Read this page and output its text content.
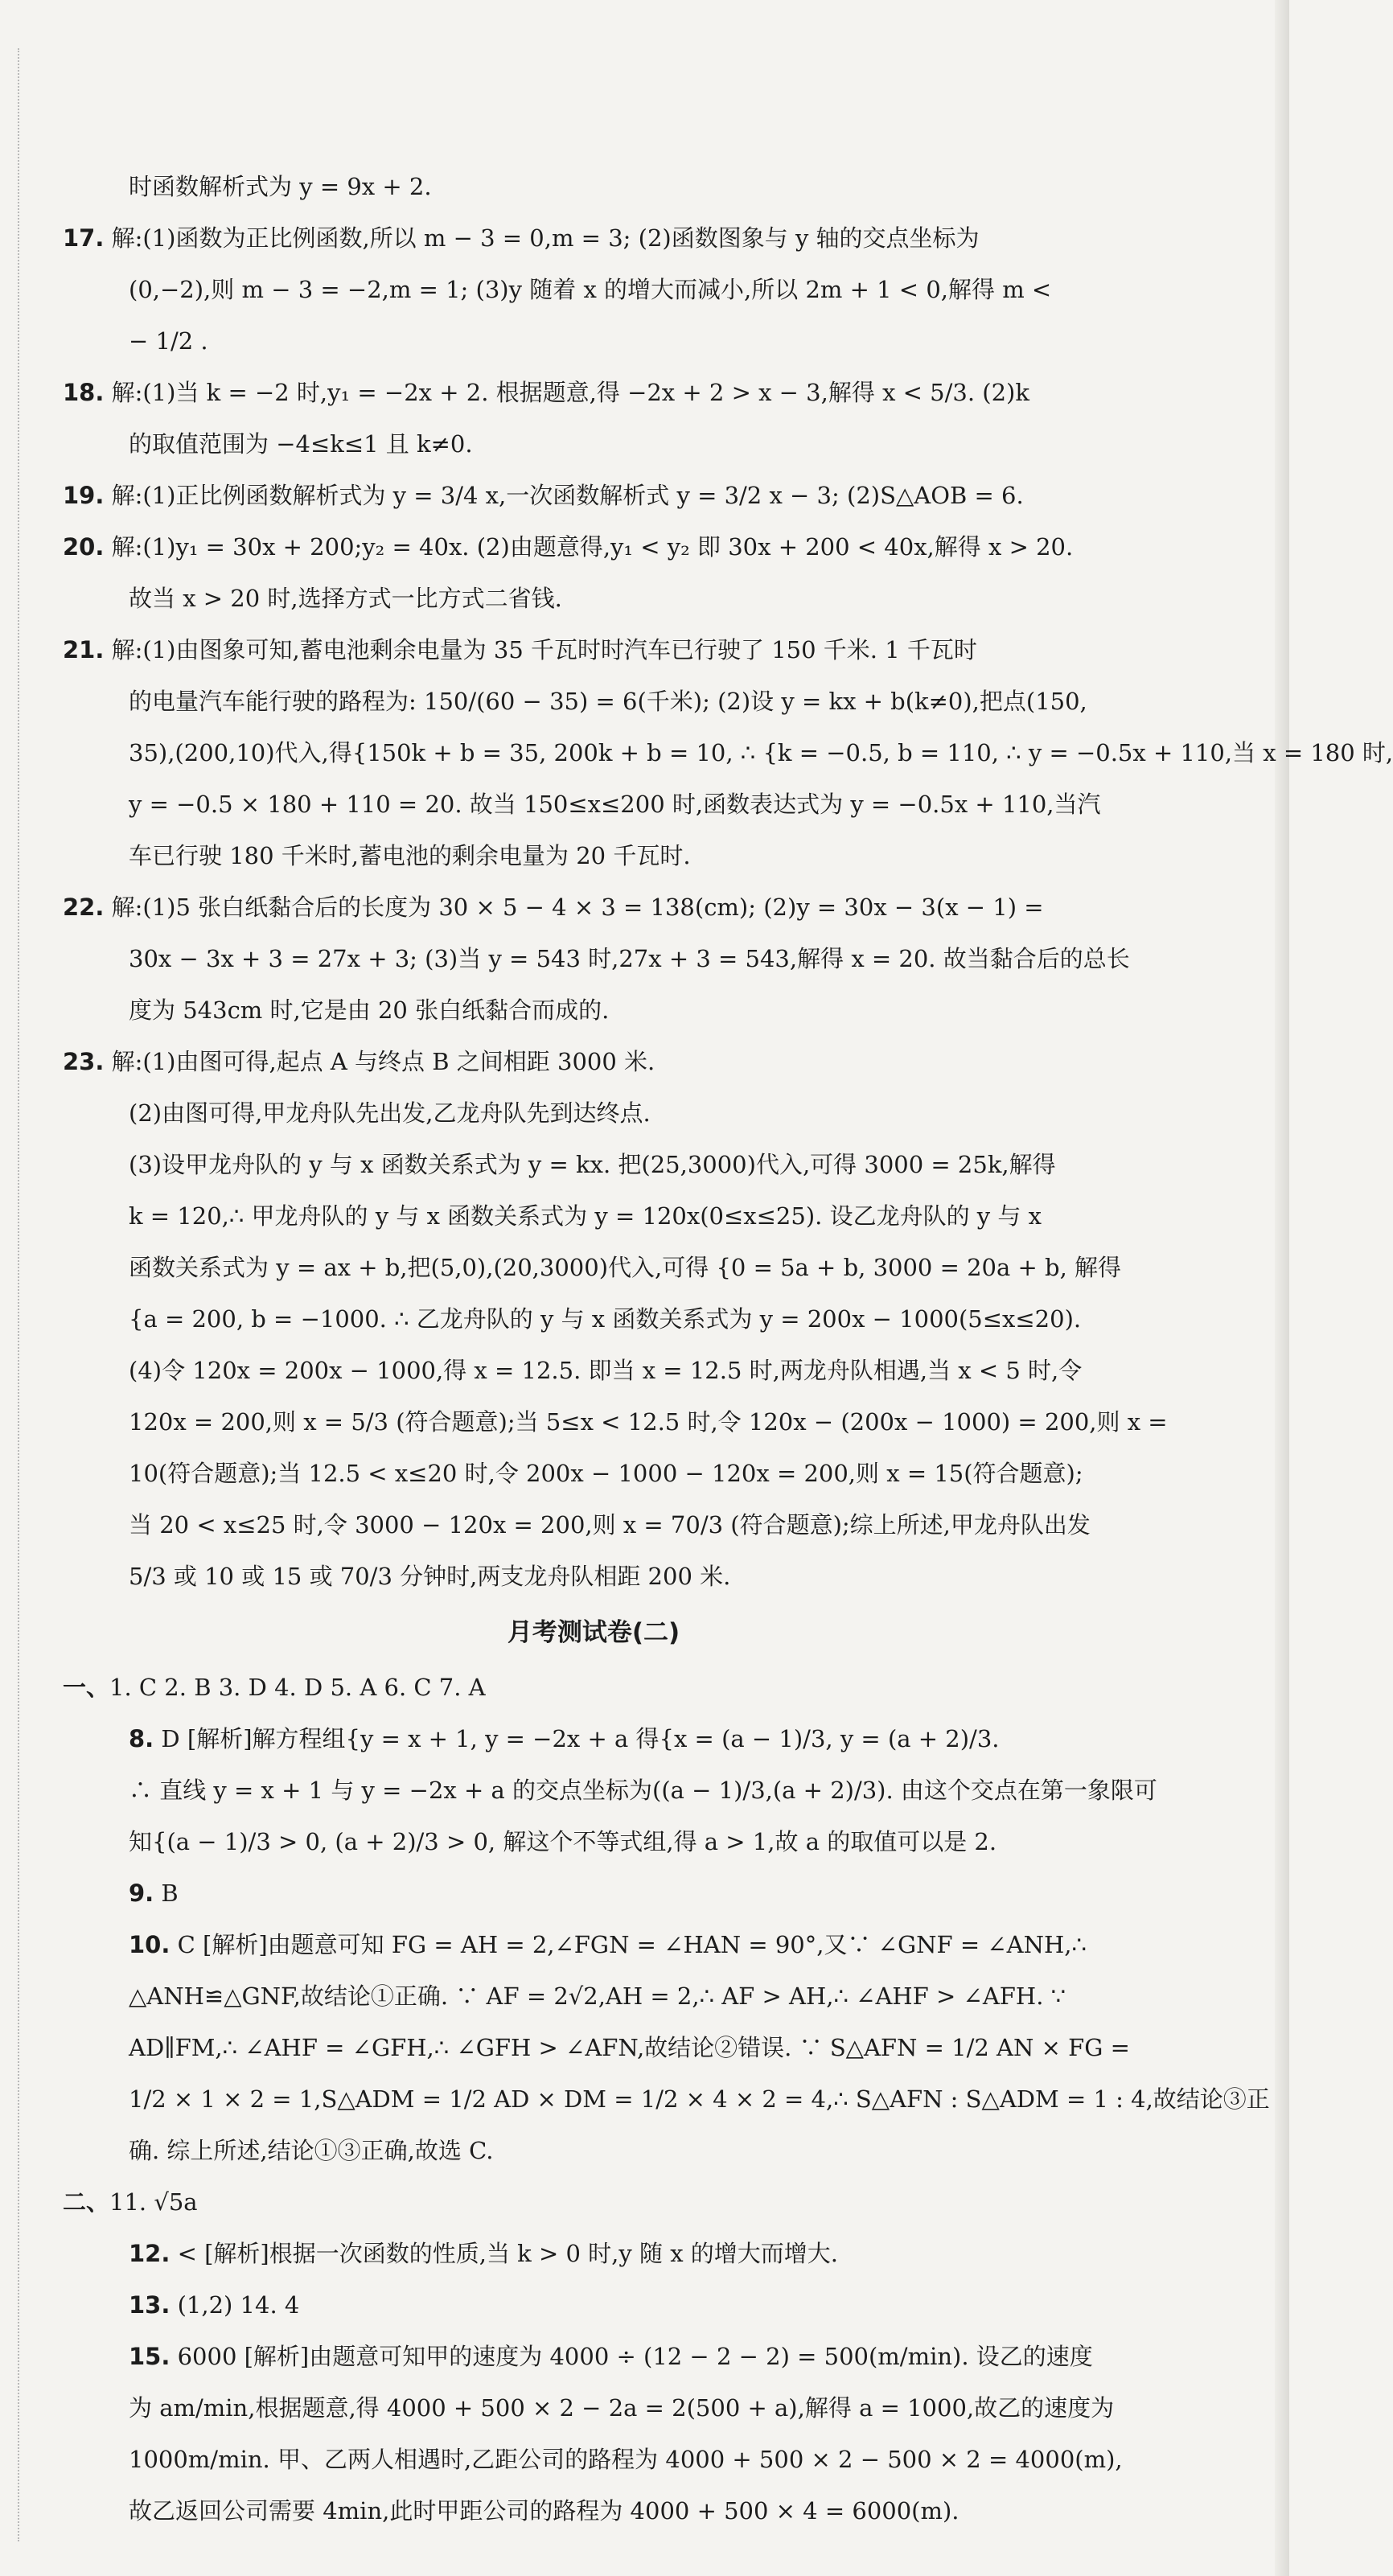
时函数解析式为 y = 9x + 2.
17. 解:(1)函数为正比例函数,所以 m − 3 = 0,m = 3; (2)函数图象与 y 轴的交点坐标为
(0,−2),则 m − 3 = −2,m = 1; (3)y 随着 x 的增大而减小,所以 2m + 1 < 0,解得 m <
− 1/2 .
18. 解:(1)当 k = −2 时,y₁ = −2x + 2. 根据题意,得 −2x + 2 > x − 3,解得 x < 5/3. (2)k
的取值范围为 −4≤k≤1 且 k≠0.
19. 解:(1)正比例函数解析式为 y = 3/4 x,一次函数解析式 y = 3/2 x − 3; (2)S△AOB = 6.
20. 解:(1)y₁ = 30x + 200;y₂ = 40x. (2)由题意得,y₁ < y₂ 即 30x + 200 < 40x,解得 x > 20.
故当 x > 20 时,选择方式一比方式二省钱.
21. 解:(1)由图象可知,蓄电池剩余电量为 35 千瓦时时汽车已行驶了 150 千米. 1 千瓦时
的电量汽车能行驶的路程为: 150/(60 − 35) = 6(千米); (2)设 y = kx + b(k≠0),把点(150,
35),(200,10)代入,得{150k + b = 35, 200k + b = 10, ∴ {k = −0.5, b = 110, ∴ y = −0.5x + 110,当 x = 180 时,
y = −0.5 × 180 + 110 = 20. 故当 150≤x≤200 时,函数表达式为 y = −0.5x + 110,当汽
车已行驶 180 千米时,蓄电池的剩余电量为 20 千瓦时.
22. 解:(1)5 张白纸黏合后的长度为 30 × 5 − 4 × 3 = 138(cm); (2)y = 30x − 3(x − 1) =
30x − 3x + 3 = 27x + 3; (3)当 y = 543 时,27x + 3 = 543,解得 x = 20. 故当黏合后的总长
度为 543cm 时,它是由 20 张白纸黏合而成的.
23. 解:(1)由图可得,起点 A 与终点 B 之间相距 3000 米.
(2)由图可得,甲龙舟队先出发,乙龙舟队先到达终点.
(3)设甲龙舟队的 y 与 x 函数关系式为 y = kx. 把(25,3000)代入,可得 3000 = 25k,解得
k = 120,∴ 甲龙舟队的 y 与 x 函数关系式为 y = 120x(0≤x≤25). 设乙龙舟队的 y 与 x
函数关系式为 y = ax + b,把(5,0),(20,3000)代入,可得 {0 = 5a + b, 3000 = 20a + b, 解得
{a = 200, b = −1000. ∴ 乙龙舟队的 y 与 x 函数关系式为 y = 200x − 1000(5≤x≤20).
(4)令 120x = 200x − 1000,得 x = 12.5. 即当 x = 12.5 时,两龙舟队相遇,当 x < 5 时,令
120x = 200,则 x = 5/3 (符合题意);当 5≤x < 12.5 时,令 120x − (200x − 1000) = 200,则 x =
10(符合题意);当 12.5 < x≤20 时,令 200x − 1000 − 120x = 200,则 x = 15(符合题意);
当 20 < x≤25 时,令 3000 − 120x = 200,则 x = 70/3 (符合题意);综上所述,甲龙舟队出发
5/3 或 10 或 15 或 70/3 分钟时,两支龙舟队相距 200 米.
月考测试卷(二)
一、1. C 2. B 3. D 4. D 5. A 6. C 7. A
8. D [解析]解方程组{y = x + 1, y = −2x + a 得{x = (a − 1)/3, y = (a + 2)/3.
∴ 直线 y = x + 1 与 y = −2x + a 的交点坐标为((a − 1)/3,(a + 2)/3). 由这个交点在第一象限可
知{(a − 1)/3 > 0, (a + 2)/3 > 0, 解这个不等式组,得 a > 1,故 a 的取值可以是 2.
9. B
10. C [解析]由题意可知 FG = AH = 2,∠FGN = ∠HAN = 90°,又∵ ∠GNF = ∠ANH,∴
△ANH≌△GNF,故结论①正确. ∵ AF = 2√2,AH = 2,∴ AF > AH,∴ ∠AHF > ∠AFH. ∵
AD∥FM,∴ ∠AHF = ∠GFH,∴ ∠GFH > ∠AFN,故结论②错误. ∵ S△AFN = 1/2 AN × FG =
1/2 × 1 × 2 = 1,S△ADM = 1/2 AD × DM = 1/2 × 4 × 2 = 4,∴ S△AFN : S△ADM = 1 : 4,故结论③正
确. 综上所述,结论①③正确,故选 C.
二、11. √5a
12. < [解析]根据一次函数的性质,当 k > 0 时,y 随 x 的增大而增大.
13. (1,2) 14. 4
15. 6000 [解析]由题意可知甲的速度为 4000 ÷ (12 − 2 − 2) = 500(m/min). 设乙的速度
为 am/min,根据题意,得 4000 + 500 × 2 − 2a = 2(500 + a),解得 a = 1000,故乙的速度为
1000m/min. 甲、乙两人相遇时,乙距公司的路程为 4000 + 500 × 2 − 500 × 2 = 4000(m),
故乙返回公司需要 4min,此时甲距公司的路程为 4000 + 500 × 4 = 6000(m).
